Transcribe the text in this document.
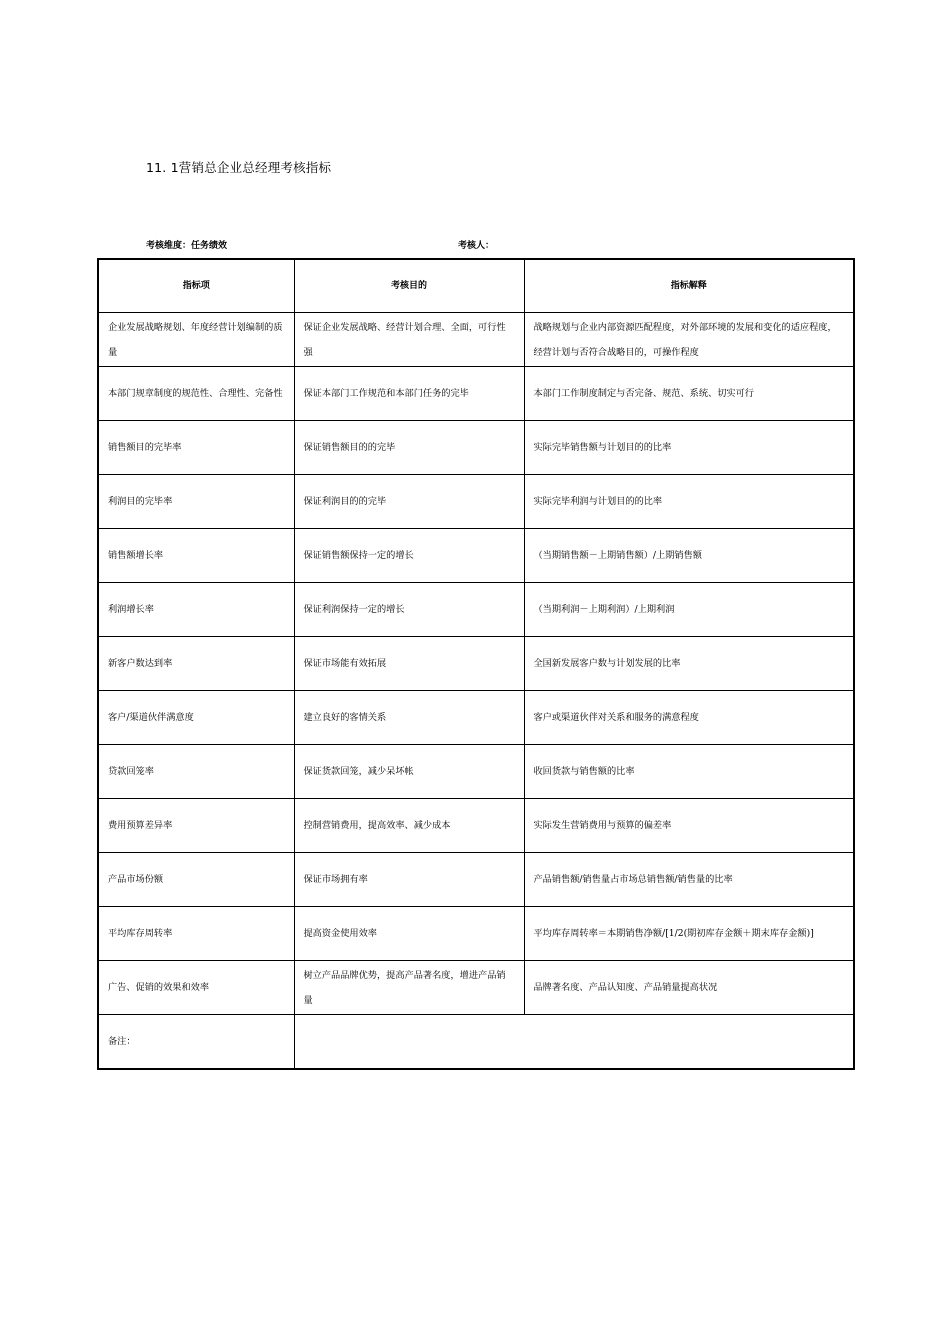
11. 1营销总企业总经理考核指标
考核维度：任务绩效	考核人：
指标项	考核目的	指标解释
企业发展战略规划、年度经营计划编制的质量	保证企业发展战略、经营计划合理、全面，可行性强	战略规划与企业内部资源匹配程度，对外部环境的发展和变化的适应程度，经营计划与否符合战略目的，可操作程度
本部门规章制度的规范性、合理性、完备性	保证本部门工作规范和本部门任务的完毕	本部门工作制度制定与否完备、规范、系统、切实可行
销售额目的完毕率	保证销售额目的的完毕	实际完毕销售额与计划目的的比率
利润目的完毕率	保证利润目的的完毕	实际完毕利润与计划目的的比率
销售额增长率	保证销售额保持一定的增长	（当期销售额－上期销售额）/上期销售额
利润增长率	保证利润保持一定的增长	（当期利润－上期利润）/上期利润
新客户数达到率	保证市场能有效拓展	全国新发展客户数与计划发展的比率
客户/渠道伙伴满意度	建立良好的客情关系	客户或渠道伙伴对关系和服务的满意程度
贷款回笼率	保证货款回笼，减少呆坏帐	收回货款与销售额的比率
费用预算差异率	控制营销费用，提高效率、减少成本	实际发生营销费用与预算的偏差率
产品市场份额	保证市场拥有率	产品销售额/销售量占市场总销售额/销售量的比率
平均库存周转率	提高资金使用效率	平均库存周转率＝本期销售净额/[1/2(期初库存金额＋期末库存金额)]
广告、促销的效果和效率	树立产品品牌优势，提高产品著名度，增进产品销量	品牌著名度、产品认知度、产品销量提高状况
备注：		
